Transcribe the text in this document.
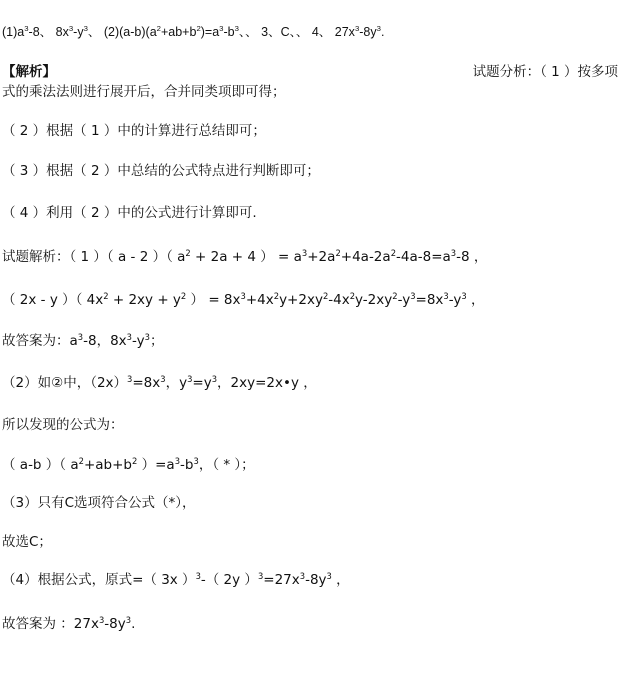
$(1)a^3-8$、 $8x^3-y^3$、 $(2)(a-b)(a^2+ab+b^2)=a^3-b^3$、、 3、C、、 4、 $27x^3-8y^3$.
【解析】	试题分析：（ 1 ）按多项
式的乘法法则进行展开后，合并同类项即可得；
（ 2 ）根据（ 1 ）中的计算进行总结即可；
（ 3 ）根据（ 2 ）中总结的公式特点进行判断即可；
（ 4 ）利用（ 2 ）中的公式进行计算即可.
试题解析：（ 1 ）（ a - 2 ）（ $a^2 + 2a + 4$ ） = $a^3+2a^2+4a-2a^2-4a-8=a^3-8$ ，
（ 2x - y ）（ $4x^2 + 2xy + y^2$ ） = $8x^3+4x^2y+2xy^2-4x^2y-2xy^2-y^3=8x^3-y^3$ ，
故答案为：$a^3-8$，$8x^3-y^3$；
（2）如②中，$(2x)^3=8x^3$，$y^3=y^3$，2xy=2x•y ，
所以发现的公式为：
（ a-b ）（ $a^2+ab+b^2$ ）$=a^3-b^3$，（ * ）；
（3）只有C选项符合公式（*），
故选C；
（4）根据公式，原式=（ 3x ）$^3$-（ 2y ）$^3=27x^3-8y^3$ ，
故答案为 ：$27x^3-8y^3$.
